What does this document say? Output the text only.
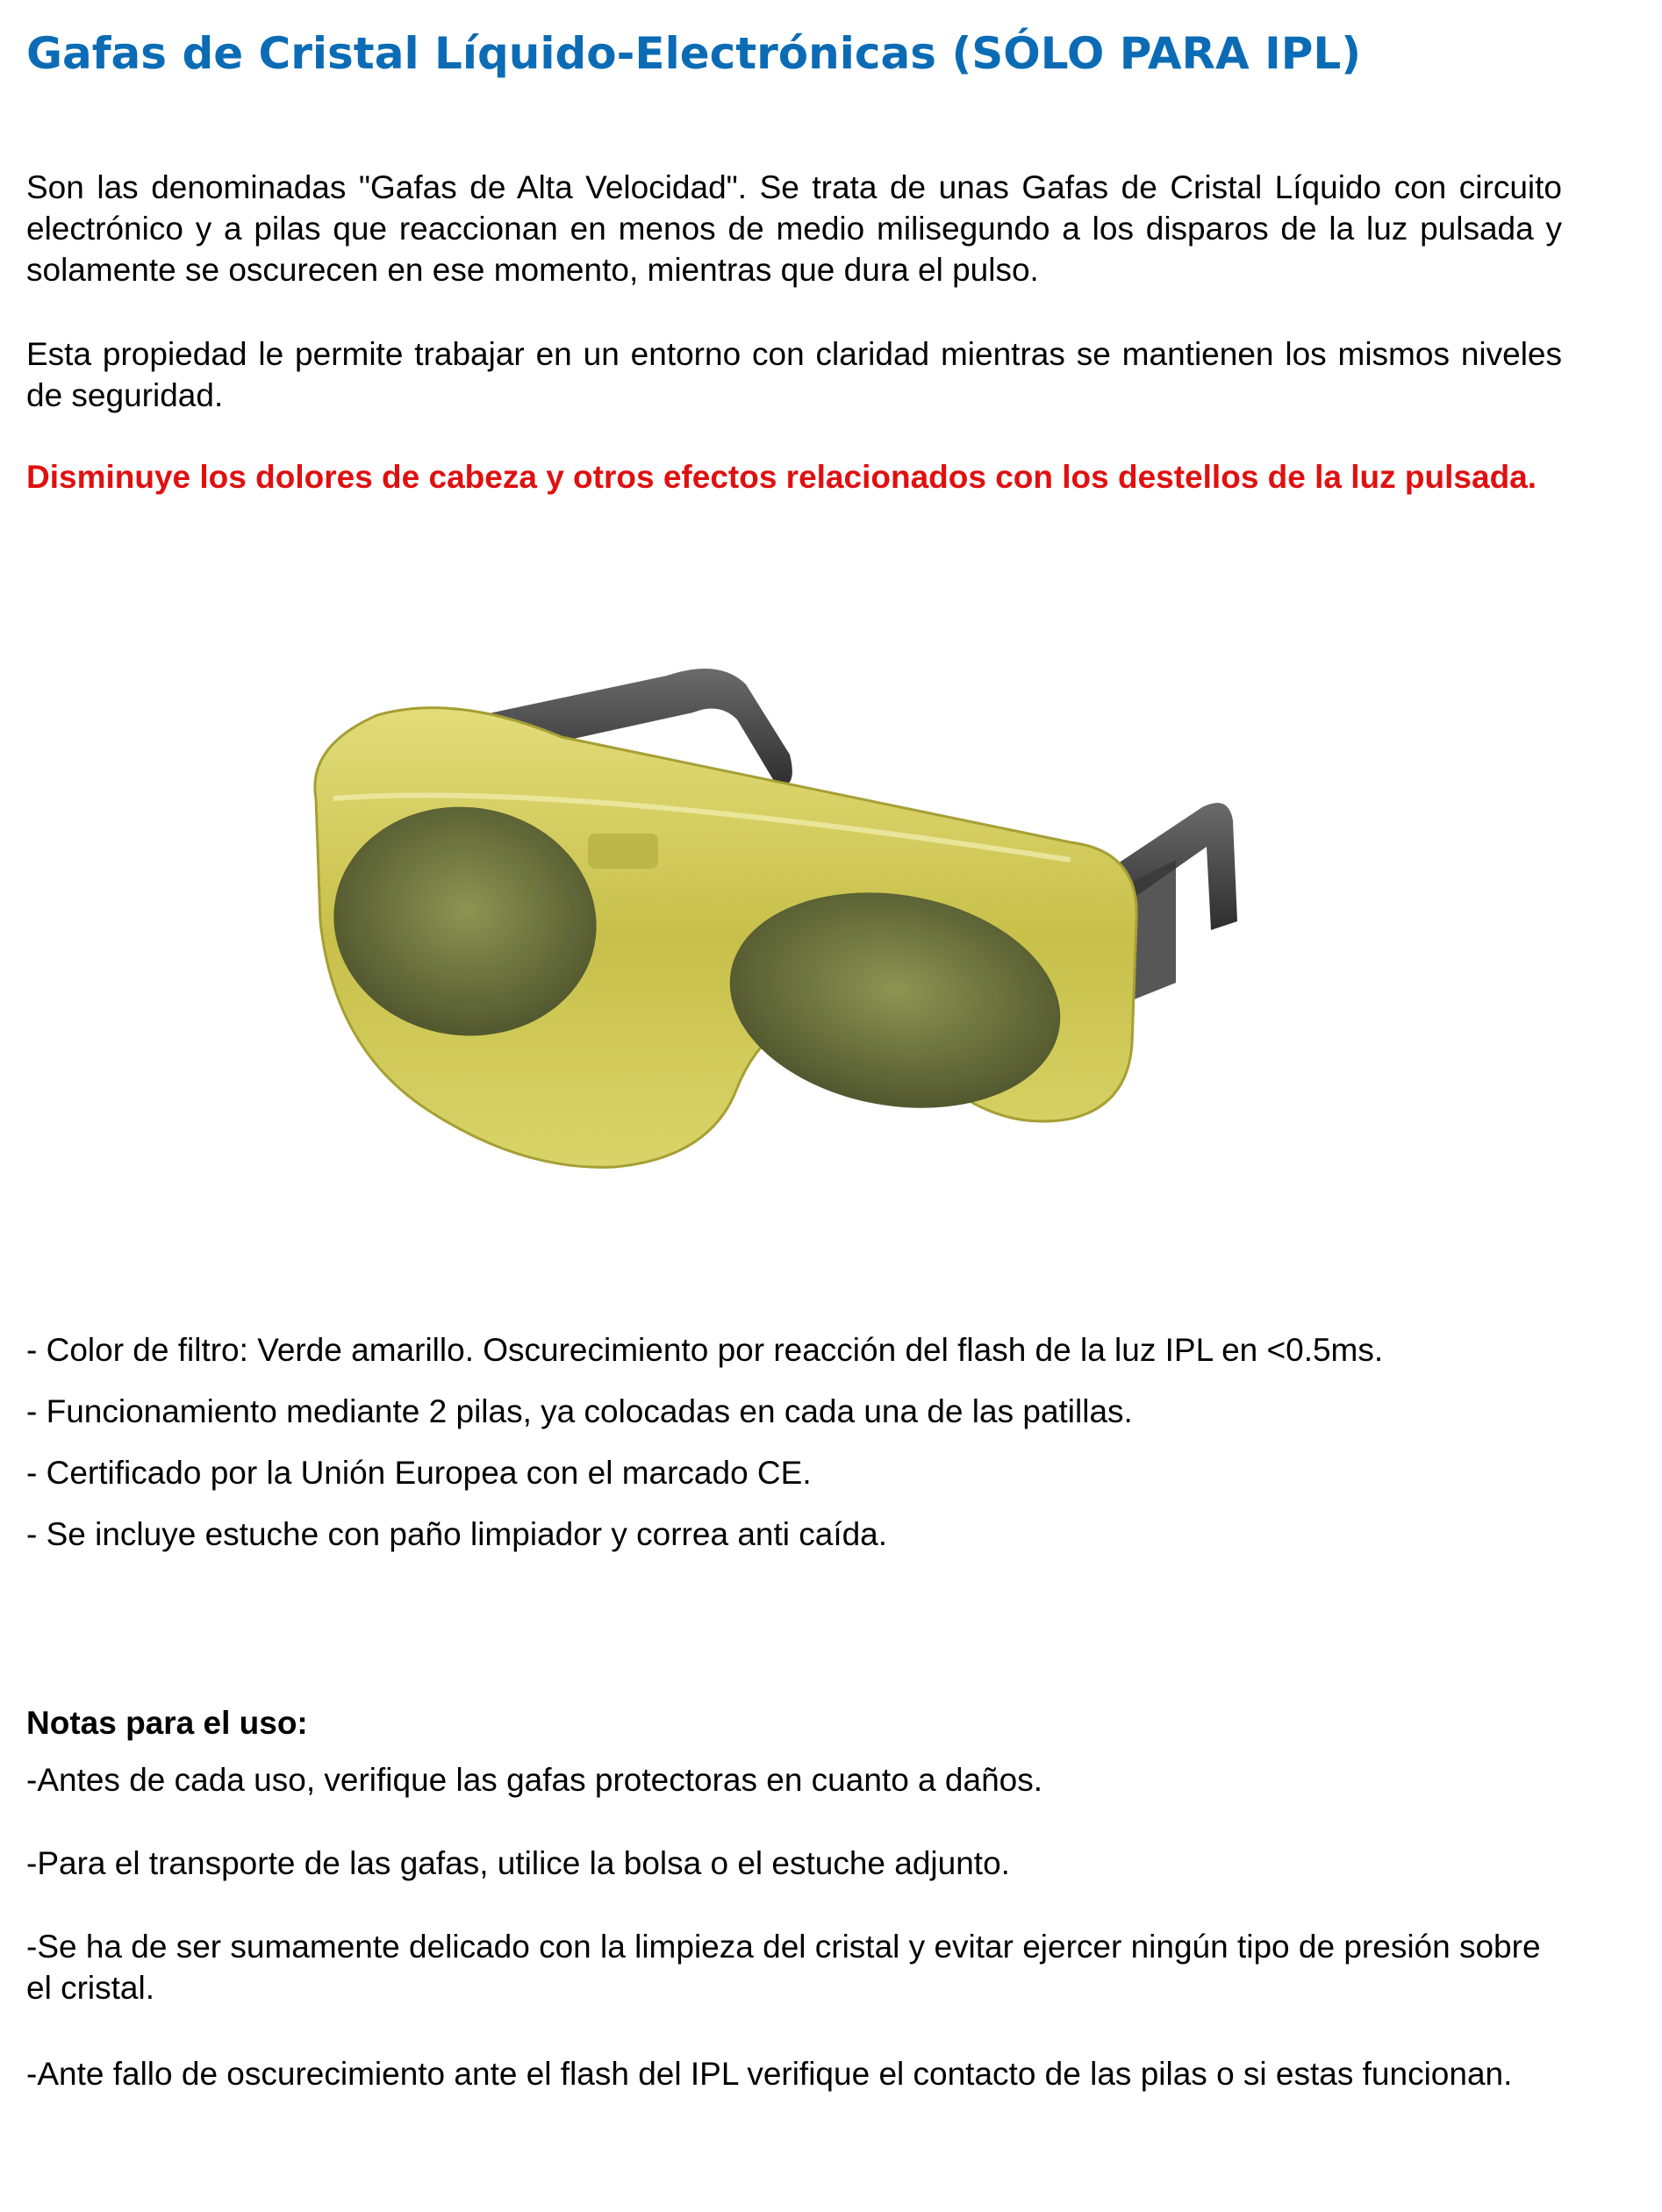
Gafas de Cristal Líquido-Electrónicas (SÓLO PARA IPL)

Son las denominadas "Gafas de Alta Velocidad". Se trata de unas Gafas de Cristal Líquido con circuito electrónico y a pilas que reaccionan en menos de medio milisegundo a los disparos de la luz pulsada y solamente se oscurecen en ese momento, mientras que dura el pulso.

Esta propiedad le permite trabajar en un entorno con claridad mientras se mantienen los mismos niveles de seguridad.

Disminuye los dolores de cabeza y otros efectos relacionados con los destellos de la luz pulsada.

- Color de filtro: Verde amarillo. Oscurecimiento por reacción del flash de la luz IPL en <0.5ms.

- Funcionamiento mediante 2 pilas, ya colocadas en cada una de las patillas.

- Certificado por la Unión Europea con el marcado CE.

- Se incluye estuche con paño limpiador y correa anti caída.

Notas para el uso:

-Antes de cada uso, verifique las gafas protectoras en cuanto a daños.

-Para el transporte de las gafas, utilice la bolsa o el estuche adjunto.

-Se ha de ser sumamente delicado con la limpieza del cristal y evitar ejercer ningún tipo de presión sobre el cristal.

-Ante fallo de oscurecimiento ante el flash del IPL verifique el contacto de las pilas o si estas funcionan.
